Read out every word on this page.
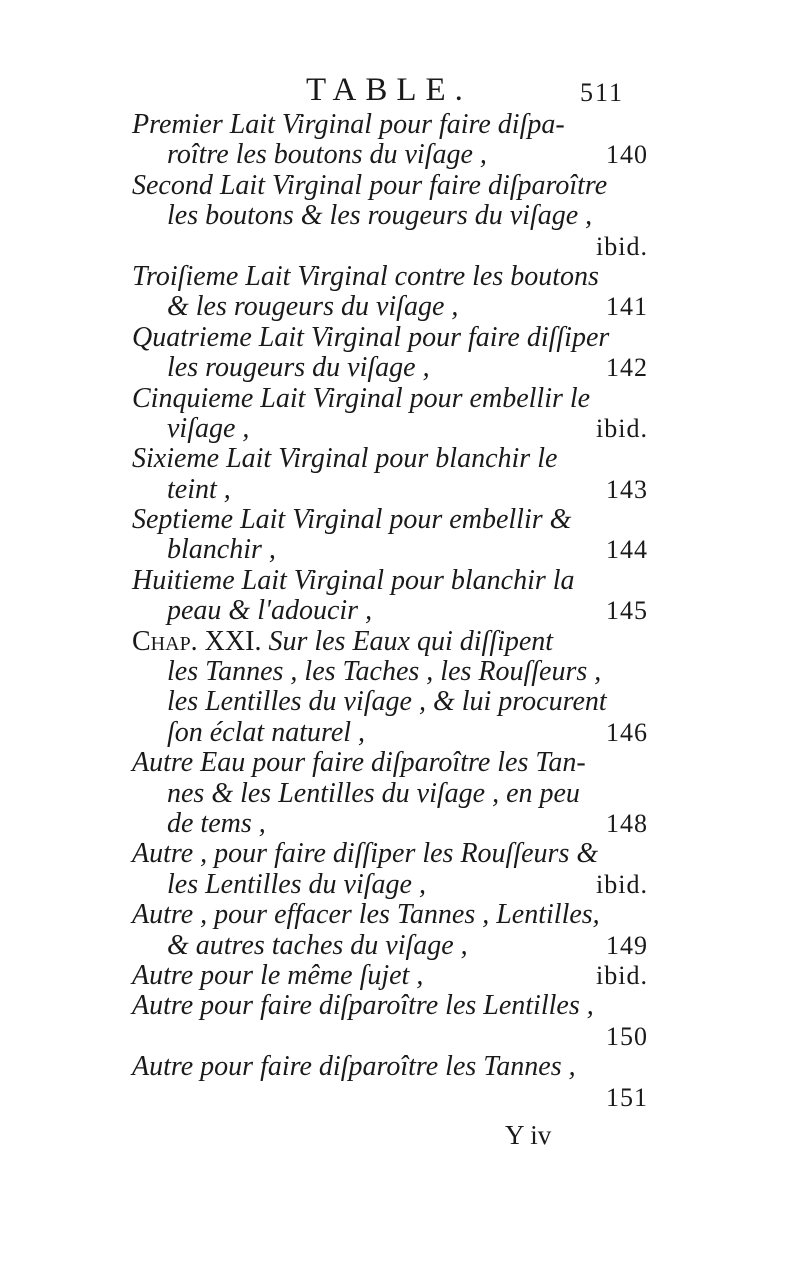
TABLE.	511
Premier Lait Virginal pour faire diſpa-
roître les boutons du viſage ,	140
Second Lait Virginal pour faire diſparoître
les boutons & les rougeurs du viſage ,
ibid.
Troiſieme Lait Virginal contre les boutons
& les rougeurs du viſage ,	141
Quatrieme Lait Virginal pour faire diſſiper
les rougeurs du viſage ,	142
Cinquieme Lait Virginal pour embellir le
viſage ,	ibid.
Sixieme Lait Virginal pour blanchir le
teint ,	143
Septieme Lait Virginal pour embellir &
blanchir ,	144
Huitieme Lait Virginal pour blanchir la
peau & l'adoucir ,	145
Chap. XXI. Sur les Eaux qui diſſipent
les Tannes , les Taches , les Rouſſeurs ,
les Lentilles du viſage , & lui procurent
ſon éclat naturel ,	146
Autre Eau pour faire diſparoître les Tan-
nes & les Lentilles du viſage , en peu
de tems ,	148
Autre , pour faire diſſiper les Rouſſeurs &
les Lentilles du viſage ,	ibid.
Autre , pour effacer les Tannes , Lentilles,
& autres taches du viſage ,	149
Autre pour le même ſujet ,	ibid.
Autre pour faire diſparoître les Lentilles ,
150
Autre pour faire diſparoître les Tannes ,
151
Y iv
